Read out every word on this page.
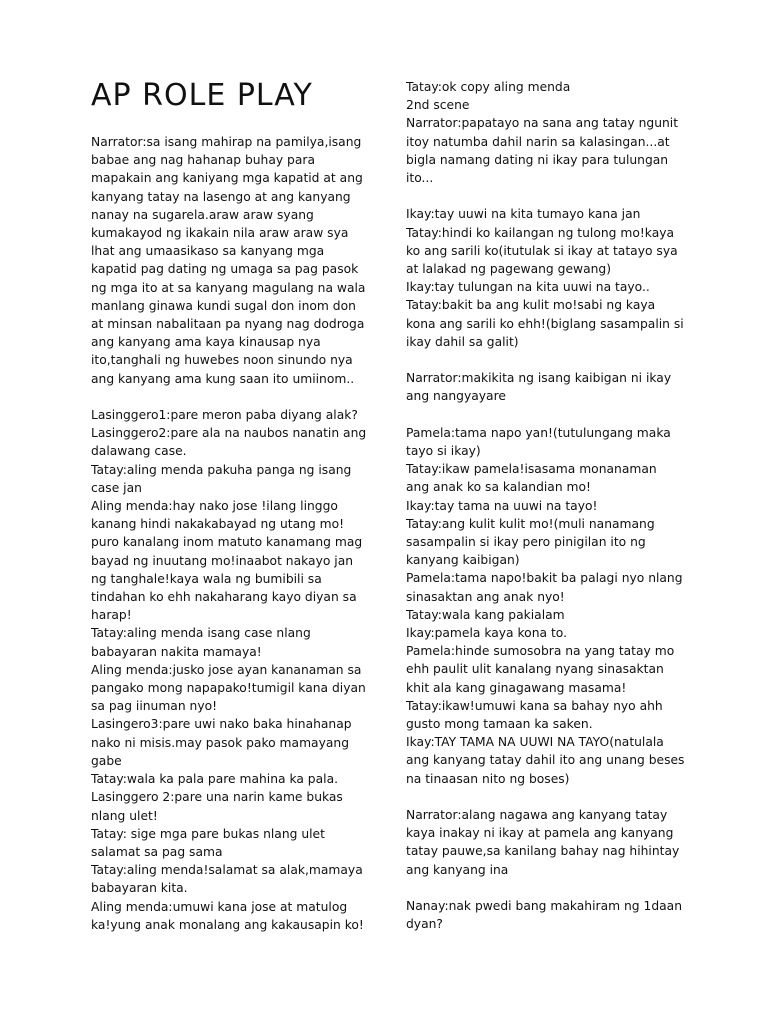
AP ROLE PLAY
Narrator:sa isang mahirap na pamilya,isang
babae ang nag hahanap buhay para
mapakain ang kaniyang mga kapatid at ang
kanyang tatay na lasengo at ang kanyang
nanay na sugarela.araw araw syang
kumakayod ng ikakain nila araw araw sya
lhat ang umaasikaso sa kanyang mga
kapatid pag dating ng umaga sa pag pasok
ng mga ito at sa kanyang magulang na wala
manlang ginawa kundi sugal don inom don
at minsan nabalitaan pa nyang nag dodroga
ang kanyang ama kaya kinausap nya
ito,tanghali ng huwebes noon sinundo nya
ang kanyang ama kung saan ito umiinom..
Lasinggero1:pare meron paba diyang alak?
Lasinggero2:pare ala na naubos nanatin ang
dalawang case.
Tatay:aling menda pakuha panga ng isang
case jan
Aling menda:hay nako jose !ilang linggo
kanang hindi nakakabayad ng utang mo!
puro kanalang inom matuto kanamang mag
bayad ng inuutang mo!inaabot nakayo jan
ng tanghale!kaya wala ng bumibili sa
tindahan ko ehh nakaharang kayo diyan sa
harap!
Tatay:aling menda isang case nlang
babayaran nakita mamaya!
Aling menda:jusko jose ayan kananaman sa
pangako mong napapako!tumigil kana diyan
sa pag iinuman nyo!
Lasingero3:pare uwi nako baka hinahanap
nako ni misis.may pasok pako mamayang
gabe
Tatay:wala ka pala pare mahina ka pala.
Lasinggero 2:pare una narin kame bukas
nlang ulet!
Tatay: sige mga pare bukas nlang ulet
salamat sa pag sama
Tatay:aling menda!salamat sa alak,mamaya
babayaran kita.
Aling menda:umuwi kana jose at matulog
ka!yung anak monalang ang kakausapin ko!
Tatay:ok copy aling menda
2nd scene
Narrator:papatayo na sana ang tatay ngunit
itoy natumba dahil narin sa kalasingan...at
bigla namang dating ni ikay para tulungan
ito...
Ikay:tay uuwi na kita tumayo kana jan
Tatay:hindi ko kailangan ng tulong mo!kaya
ko ang sarili ko(itutulak si ikay at tatayo sya
at lalakad ng pagewang gewang)
Ikay:tay tulungan na kita uuwi na tayo..
Tatay:bakit ba ang kulit mo!sabi ng kaya
kona ang sarili ko ehh!(biglang sasampalin si
ikay dahil sa galit)
Narrator:makikita ng isang kaibigan ni ikay
ang nangyayare
Pamela:tama napo yan!(tutulungang maka
tayo si ikay)
Tatay:ikaw pamela!isasama monanaman
ang anak ko sa kalandian mo!
Ikay:tay tama na uuwi na tayo!
Tatay:ang kulit kulit mo!(muli nanamang
sasampalin si ikay pero pinigilan ito ng
kanyang kaibigan)
Pamela:tama napo!bakit ba palagi nyo nlang
sinasaktan ang anak nyo!
Tatay:wala kang pakialam
Ikay:pamela kaya kona to.
Pamela:hinde sumosobra na yang tatay mo
ehh paulit ulit kanalang nyang sinasaktan
khit ala kang ginagawang masama!
Tatay:ikaw!umuwi kana sa bahay nyo ahh
gusto mong tamaan ka saken.
Ikay:TAY TAMA NA UUWI NA TAYO(natulala
ang kanyang tatay dahil ito ang unang beses
na tinaasan nito ng boses)
Narrator:alang nagawa ang kanyang tatay
kaya inakay ni ikay at pamela ang kanyang
tatay pauwe,sa kanilang bahay nag hihintay
ang kanyang ina
Nanay:nak pwedi bang makahiram ng 1daan
dyan?
